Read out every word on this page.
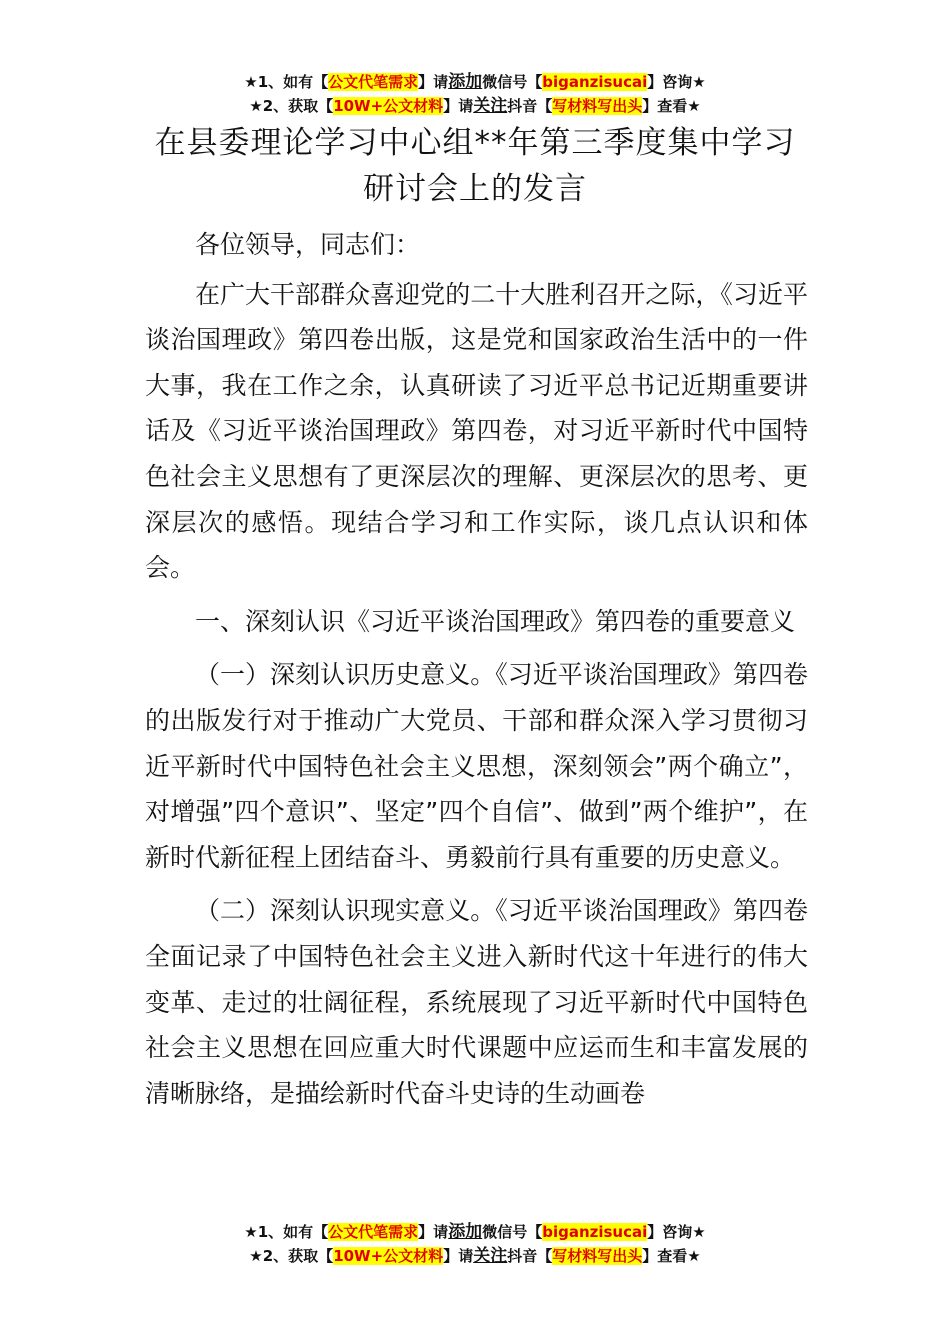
★1、如有【公文代笔需求】请添加微信号【biganzisucai】咨询★
★2、获取【10W+公文材料】请关注抖音【写材料写出头】查看★
在县委理论学习中心组**年第三季度集中学习研讨会上的发言

各位领导，同志们：

在广大干部群众喜迎党的二十大胜利召开之际，《习近平谈治国理政》第四卷出版，这是党和国家政治生活中的一件大事，我在工作之余，认真研读了习近平总书记近期重要讲话及《习近平谈治国理政》第四卷，对习近平新时代中国特色社会主义思想有了更深层次的理解、更深层次的思考、更深层次的感悟。现结合学习和工作实际，谈几点认识和体会。

一、深刻认识《习近平谈治国理政》第四卷的重要意义

（一）深刻认识历史意义。《习近平谈治国理政》第四卷的出版发行对于推动广大党员、干部和群众深入学习贯彻习近平新时代中国特色社会主义思想，深刻领会”两个确立”，对增强”四个意识”、坚定”四个自信”、做到”两个维护”，在新时代新征程上团结奋斗、勇毅前行具有重要的历史意义。

（二）深刻认识现实意义。《习近平谈治国理政》第四卷全面记录了中国特色社会主义进入新时代这十年进行的伟大变革、走过的壮阔征程，系统展现了习近平新时代中国特色社会主义思想在回应重大时代课题中应运而生和丰富发展的清晰脉络，是描绘新时代奋斗史诗的生动画卷

★1、如有【公文代笔需求】请添加微信号【biganzisucai】咨询★
★2、获取【10W+公文材料】请关注抖音【写材料写出头】查看★
